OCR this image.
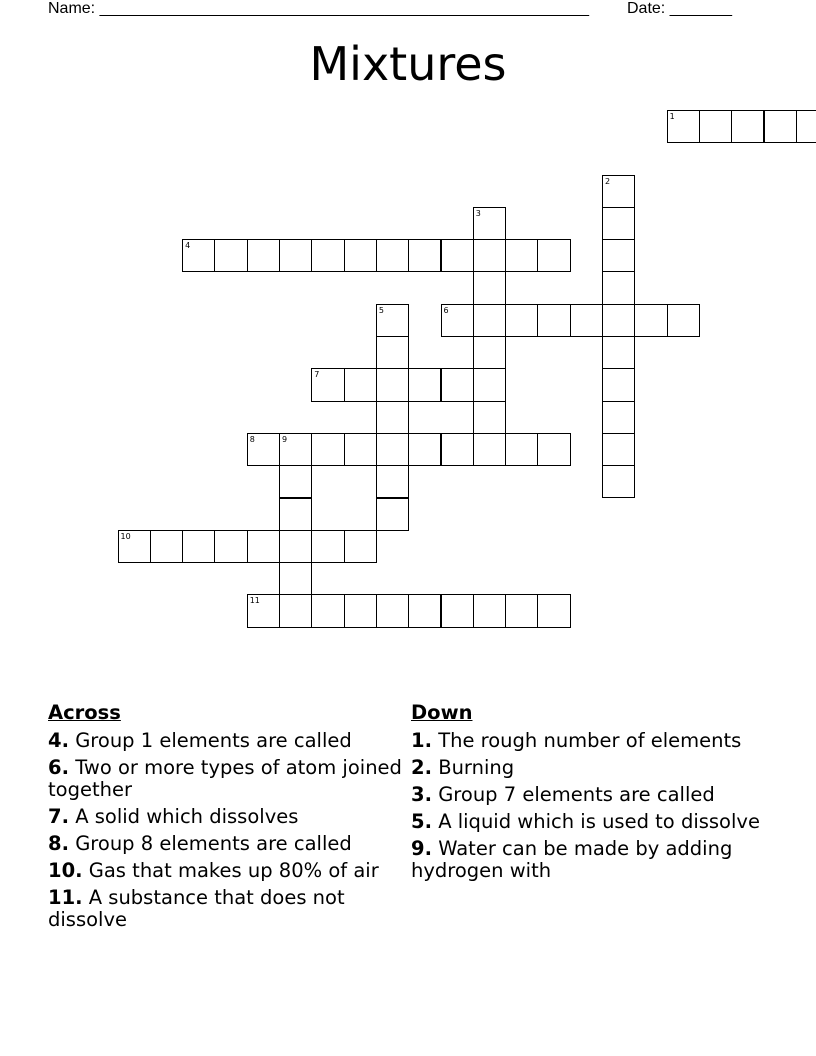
Name: _______________________________________________________ Date: _______
Mixtures
1
2
3
4
5	6
7
8	9
10
11
Across
4. Group 1 elements are called
6. Two or more types of atom joined together
7. A solid which dissolves
8. Group 8 elements are called
10. Gas that makes up 80% of air
11. A substance that does not dissolve
Down
1. The rough number of elements
2. Burning
3. Group 7 elements are called
5. A liquid which is used to dissolve
9. Water can be made by adding hydrogen with
